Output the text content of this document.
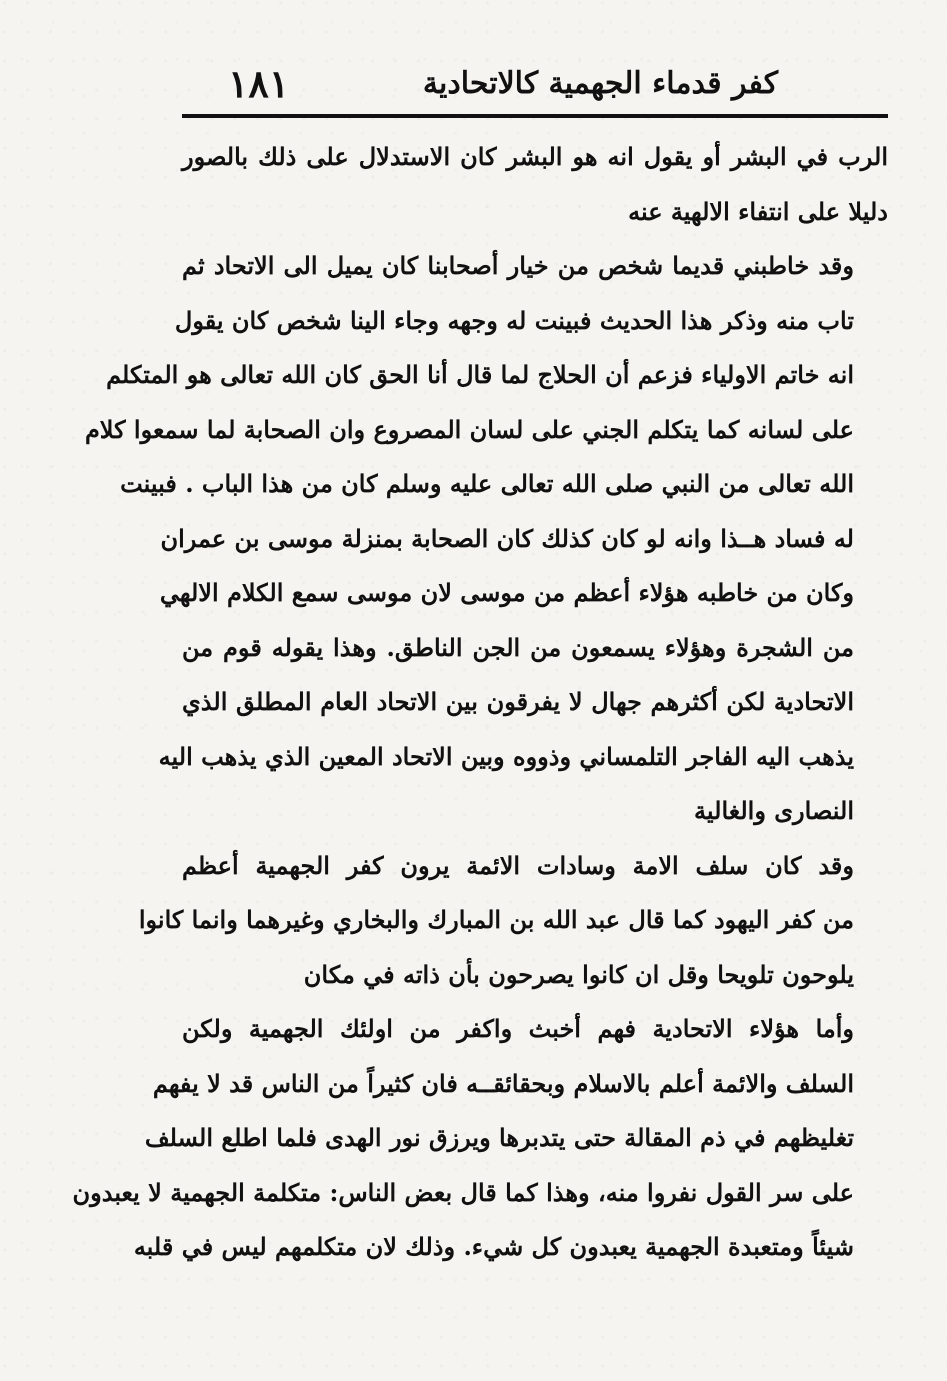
١٨١	كفر قدماء الجهمية كالاتحادية
الرب في البشر أو يقول انه هو البشر كان الاستدلال على ذلك بالصور
دليلا على انتفاء الالهية عنه
وقد خاطبني قديما شخص من خيار أصحابنا كان يميل الى الاتحاد ثم
تاب منه وذكر هذا الحديث فبينت له وجهه وجاء الينا شخص كان يقول
انه خاتم الاولياء فزعم أن الحلاج لما قال أنا الحق كان الله تعالى هو المتكلم
على لسانه كما يتكلم الجني على لسان المصروع وان الصحابة لما سمعوا كلام
الله تعالى من النبي صلى الله تعالى عليه وسلم كان من هذا الباب . فبينت
له فساد هــذا وانه لو كان كذلك كان الصحابة بمنزلة موسى بن عمران
وكان من خاطبه هؤلاء أعظم من موسى لان موسى سمع الكلام الالهي
من الشجرة وهؤلاء يسمعون من الجن الناطق. وهذا يقوله قوم من
الاتحادية لكن أكثرهم جهال لا يفرقون بين الاتحاد العام المطلق الذي
يذهب اليه الفاجر التلمساني وذووه وبين الاتحاد المعين الذي يذهب اليه
النصارى والغالية
وقد كان سلف الامة وسادات الائمة يرون كفر الجهمية أعظم
من كفر اليهود كما قال عبد الله بن المبارك والبخاري وغيرهما وانما كانوا
يلوحون تلويحا وقل ان كانوا يصرحون بأن ذاته في مكان
وأما هؤلاء الاتحادية فهم أخبث واكفر من اولئك الجهمية ولكن
السلف والائمة أعلم بالاسلام وبحقائقــه فان كثيراً من الناس قد لا يفهم
تغليظهم في ذم المقالة حتى يتدبرها ويرزق نور الهدى فلما اطلع السلف
على سر القول نفروا منه، وهذا كما قال بعض الناس: متكلمة الجهمية لا يعبدون
شيئاً ومتعبدة الجهمية يعبدون كل شيء. وذلك لان متكلمهم ليس في قلبه
